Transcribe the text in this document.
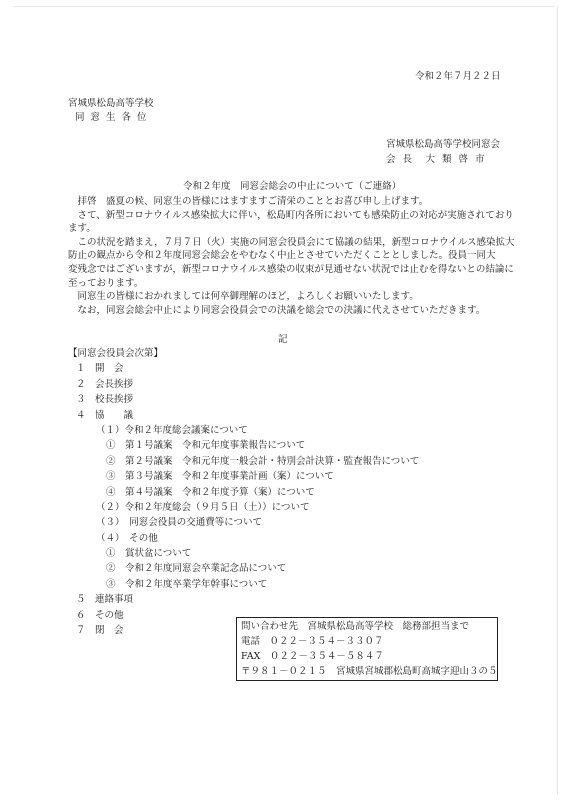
令和２年７月２２日
宮城県松島高等学校
同窓生各位
宮城県松島高等学校同窓会
会 長　大 類 啓 市
令和２年度　同窓会総会の中止について（ご連絡）
　拝啓　盛夏の候、同窓生の皆様にはますますご清栄のこととお喜び申し上げます。
　さて、新型コロナウイルス感染拡大に伴い，松島町内各所においても感染防止の対応が実施されており
ます。
　この状況を踏まえ，７月７日（火）実施の同窓会役員会にて協議の結果，新型コロナウイルス感染拡大
防止の観点から令和２年度同窓会総会をやむなく中止とさせていただくこととしました。役員一同大
変残念ではございますが，新型コロナウイルス感染の収束が見通せない状況では止むを得ないとの結論に
至っております。
　同窓生の皆様におかれましては何卒御理解のほど，よろしくお願いいたします。
　なお，同窓会総会中止により同窓会役員会での決議を総会での決議に代えさせていただきます。
記
【同窓会役員会次第】
１　開　会
２　会長挨拶
３　校長挨拶
４　協　　議
（１）令和２年度総会議案について
①　第１号議案　令和元年度事業報告について
②　第２号議案　令和元年度一般会計・特別会計決算・監査報告について
③　第３号議案　令和２年度事業計画（案）について
④　第４号議案　令和２年度予算（案）について
（２）令和２年度総会（９月５日（土））について
（３）　同窓会役員の交通費等について
（４）　その他
①　賞状盆について
②　令和２年度同窓会卒業記念品について
③　令和２年度卒業学年幹事について
５　連絡事項
６　その他
７　閉　会	問い合わせ先　宮城県松島高等学校　総務部担当まで
電話　０２２－３５４－３３０７
FAX　０２２－３５４－５８４７
〒９８１－０２１５　宮城県宮城郡松島町高城字迎山３の５
